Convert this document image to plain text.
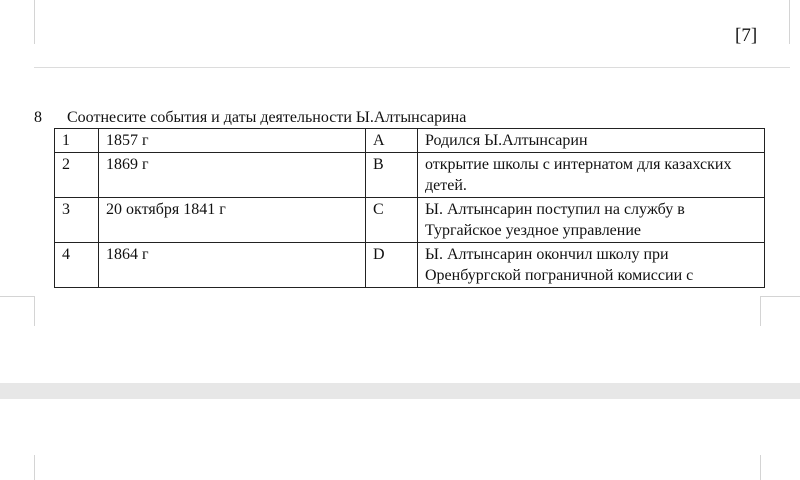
[7]
8 Соотнесите события и даты деятельности Ы.Алтынсарина
1	1857 г	A	Родился Ы.Алтынсарин
2	1869 г	B	открытие школы с интернатом для казахских детей.
3	20 октября 1841 г	C	Ы. Алтынсарин поступил на службу в Тургайское уездное управление
4	1864 г	D	Ы. Алтынсарин окончил школу при Оренбургской пограничной комиссии с
